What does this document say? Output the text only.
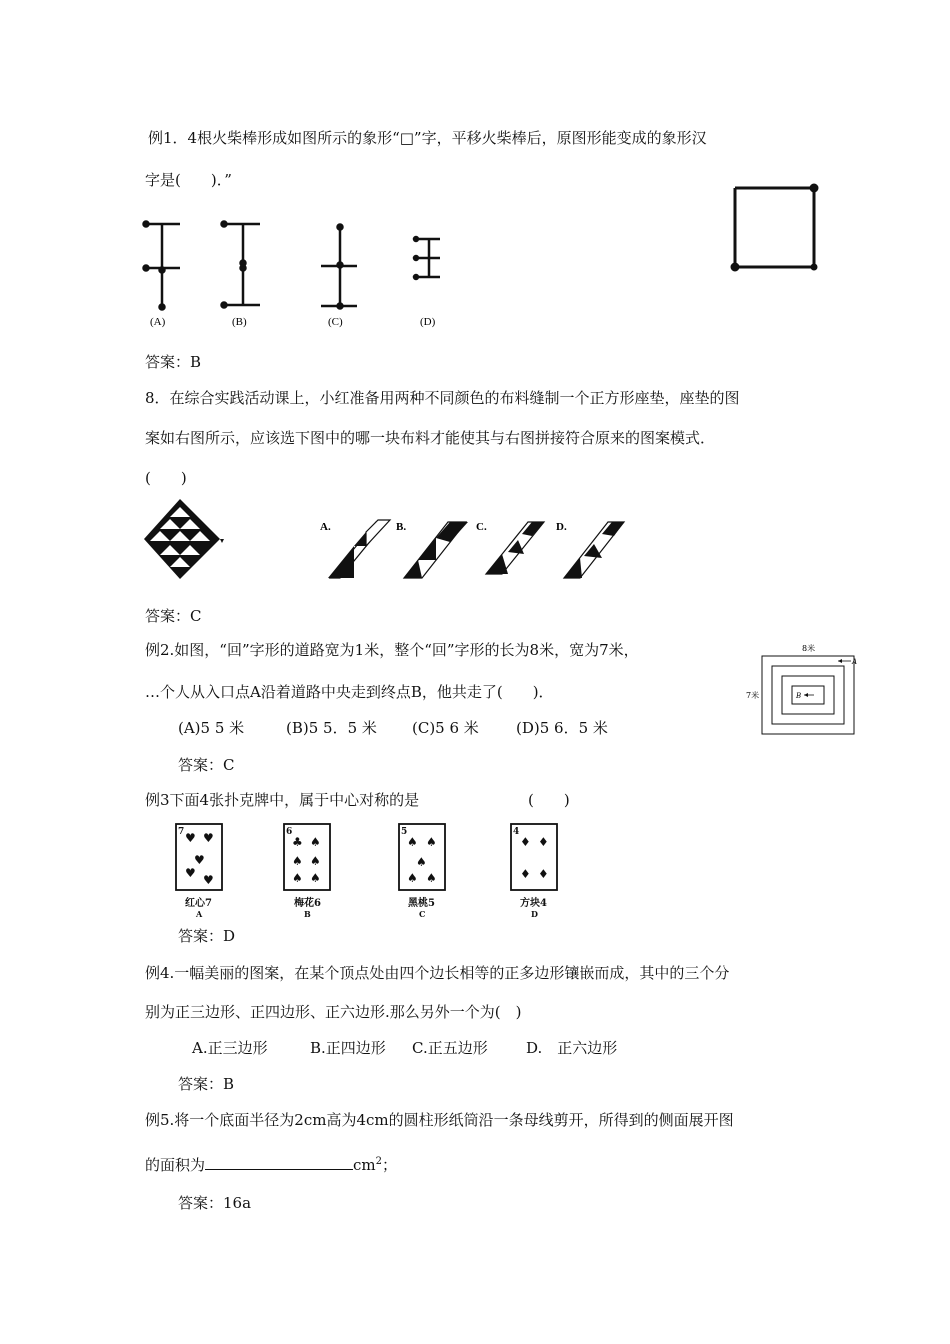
例1．4根火柴棒形成如图所示的象形“□”字，平移火柴棒后，原图形能变成的象形汉
字是(　　)．”
(A)	(B)	(C)	(D)
答案：B
8．在综合实践活动课上，小红准备用两种不同颜色的布料缝制一个正方形座垫，座垫的图
案如右图所示，应该选下图中的哪一块布料才能使其与右图拼接符合原来的图案模式．
(　　)
A.	B.	C.	D.
答案：C
例2.如图，“回”字形的道路宽为1米，整个“回”字形的长为8米，宽为7米，
…个人从入口点A沿着道路中央走到终点B，他共走了(　　)．
(A)5 5 米	(B)5 5．5 米 (C)5 6 米 (D)5 6．5 米
答案：C
8米
7米
A
B
例3下面4张扑克牌中，属于中心对称的是	(　　)
7	6	5	4
♥ ♥
♥
♥ ♥
♣ ♠
♠ ♠
♠ ♠
♠ ♠
♠
♠ ♠
♦ ♦
♦ ♦
红心7	梅花6	黑桃5	方块4
A	B	C	D
答案：D
例4.一幅美丽的图案，在某个顶点处由四个边长相等的正多边形镶嵌而成，其中的三个分
别为正三边形、正四边形、正六边形.那么另外一个为(　)
A.正三边形	B.正四边形 C.正五边形	D.　正六边形
答案：B
例5.将一个底面半径为2cm高为4cm的圆柱形纸筒沿一条母线剪开，所得到的侧面展开图
的面积为	$cm^2$；
答案：16a
